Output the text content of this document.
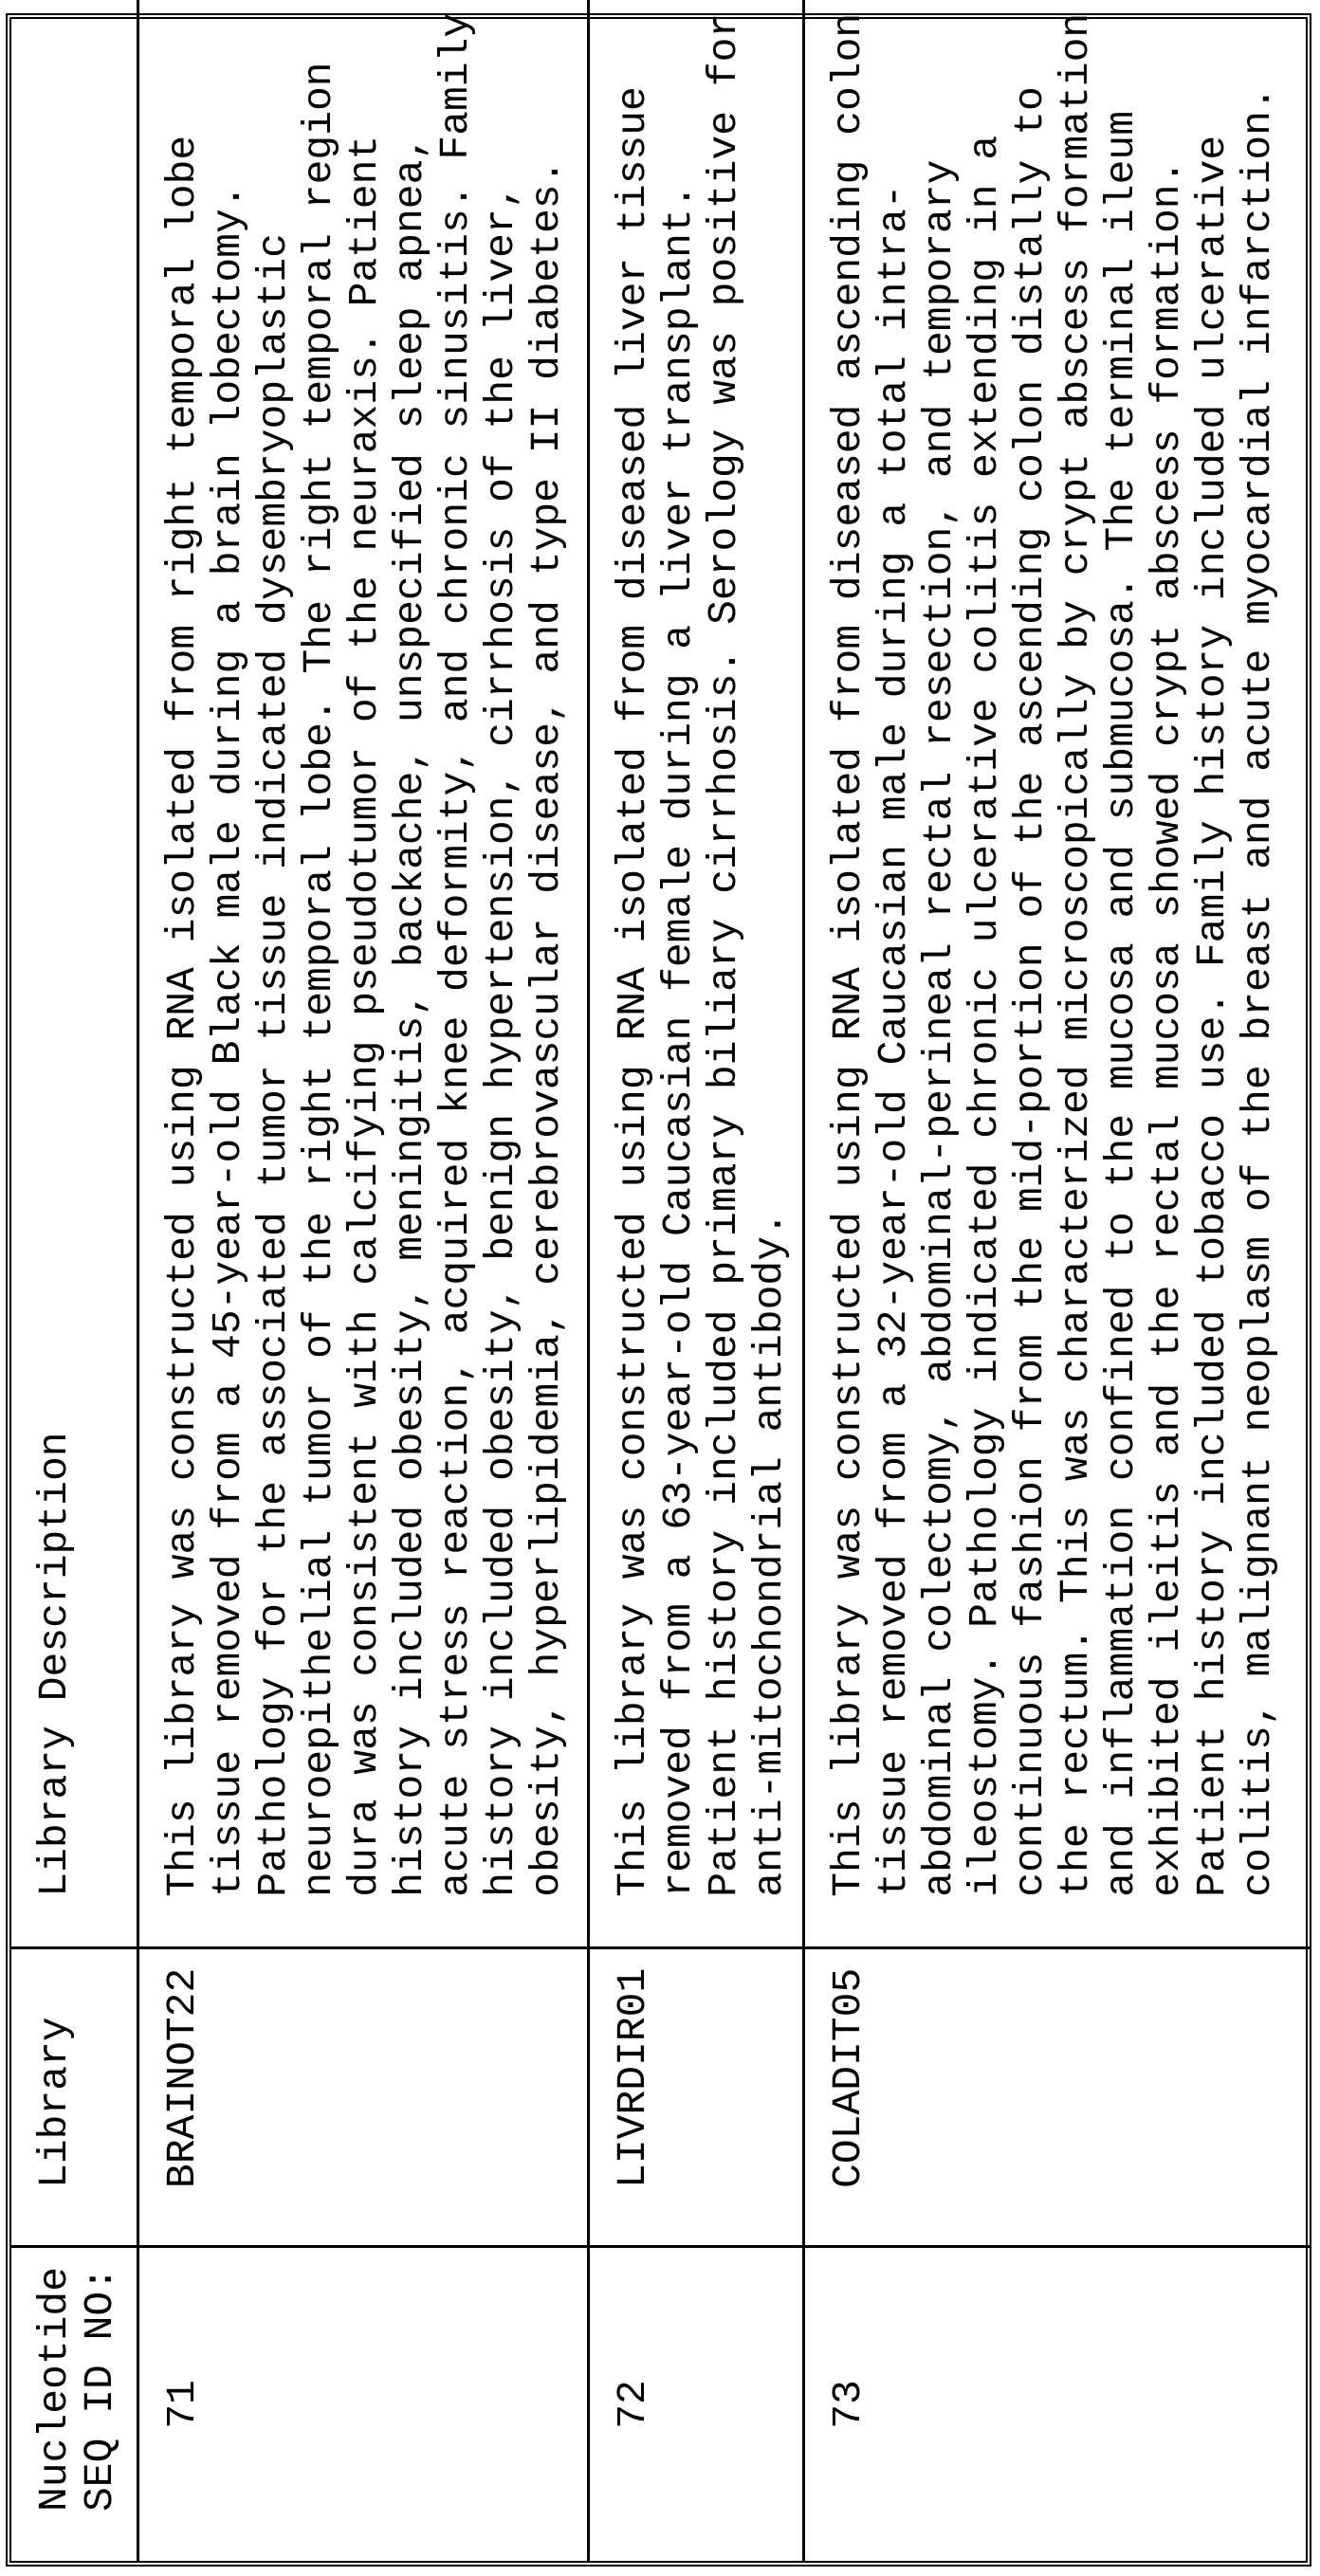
Nucleotide SEQ ID NO:
	Library	Library Description
71	BRAINOT22	
This library was constructed using RNA isolated from right temporal lobe tissue removed from a 45-year-old Black male during a brain lobectomy. Pathology for the associated tumor tissue indicated dysembryoplastic neuroepithelial tumor of the right temporal lobe. The right temporal region dura was consistent with calcifying pseudotumor of the neuraxis. Patient history included obesity, meningitis, backache, unspecified sleep apnea, acute stress reaction, acquired knee deformity, and chronic sinusitis. Family history included obesity, benign hypertension, cirrhosis of the liver, obesity, hyperlipidemia, cerebrovascular disease, and type II diabetes.

72	LIVRDIR01	
This library was constructed using RNA isolated from diseased liver tissue removed from a 63-year-old Caucasian female during a liver transplant. Patient history included primary biliary cirrhosis. Serology was positive for anti-mitochondrial antibody.

73	COLADIT05	
This library was constructed using RNA isolated from diseased ascending colon tissue removed from a 32-year-old Caucasian male during a total intra- abdominal colectomy, abdominal-perineal rectal resection, and temporary ileostomy. Pathology indicated chronic ulcerative colitis extending in a continuous fashion from the mid-portion of the ascending colon distally to the rectum. This was characterized microscopically by crypt abscess formation and inflammation confined to the mucosa and submucosa. The terminal ileum exhibited ileitis and the rectal mucosa showed crypt abscess formation. Patient history included tobacco use. Family history included ulcerative colitis, malignant neoplasm of the breast and acute myocardial infarction.
